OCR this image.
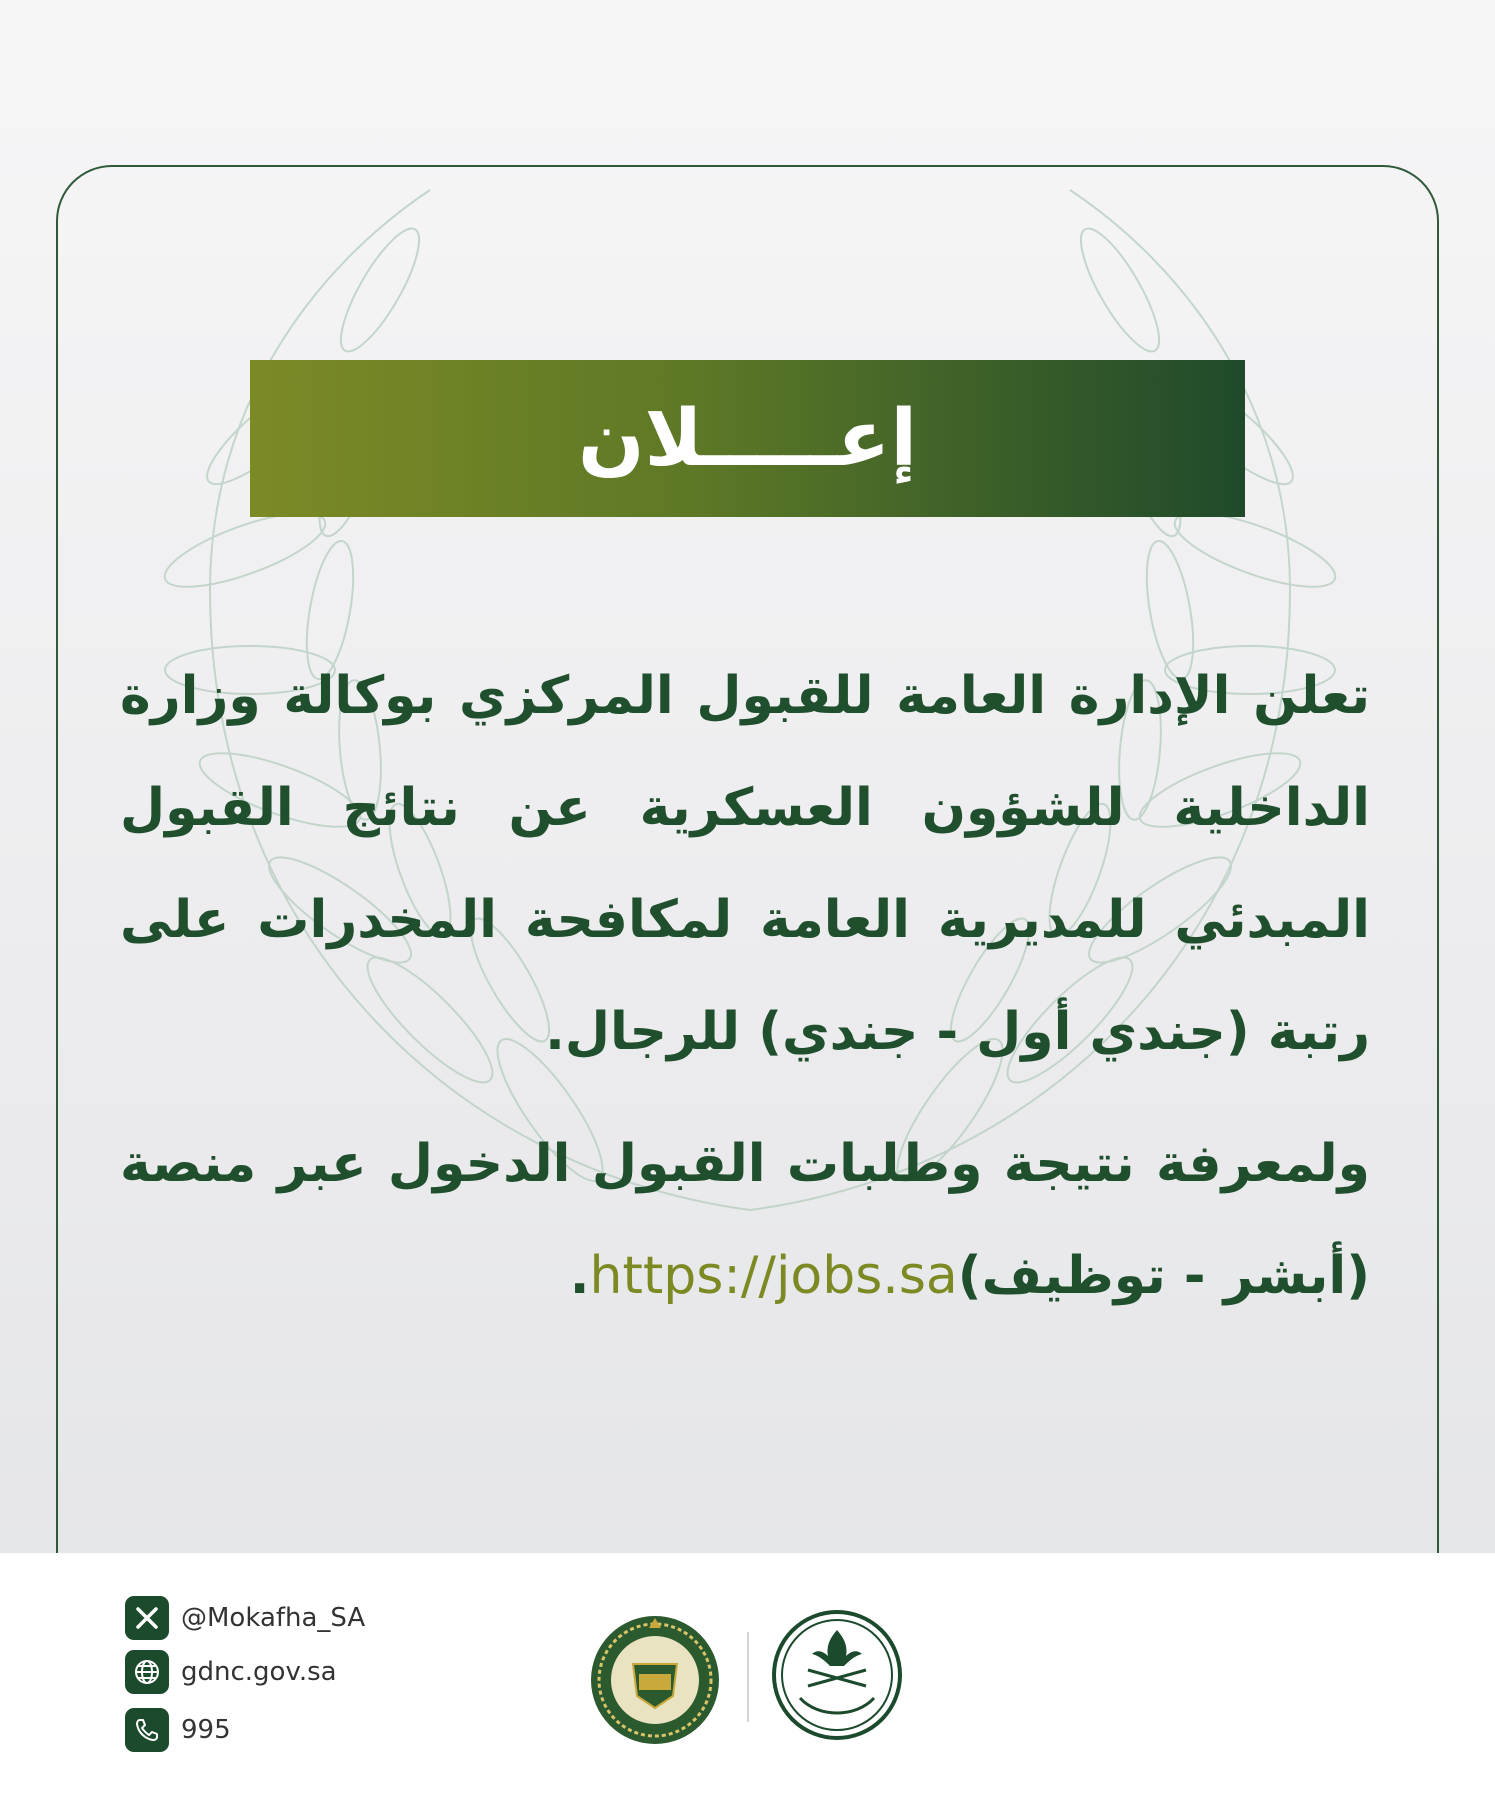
إعـــــلان

تعلن الإدارة العامة للقبول المركزي بوكالة وزارة الداخلية للشؤون العسكرية عن نتائج القبول المبدئي للمديرية العامة لمكافحة المخدرات على رتبة (جندي أول - جندي) للرجال.

ولمعرفة نتيجة وطلبات القبول الدخول عبر منصة (أبشر - توظيف)https://jobs.sa.

@Mokafha_SA
gdnc.gov.sa
995
